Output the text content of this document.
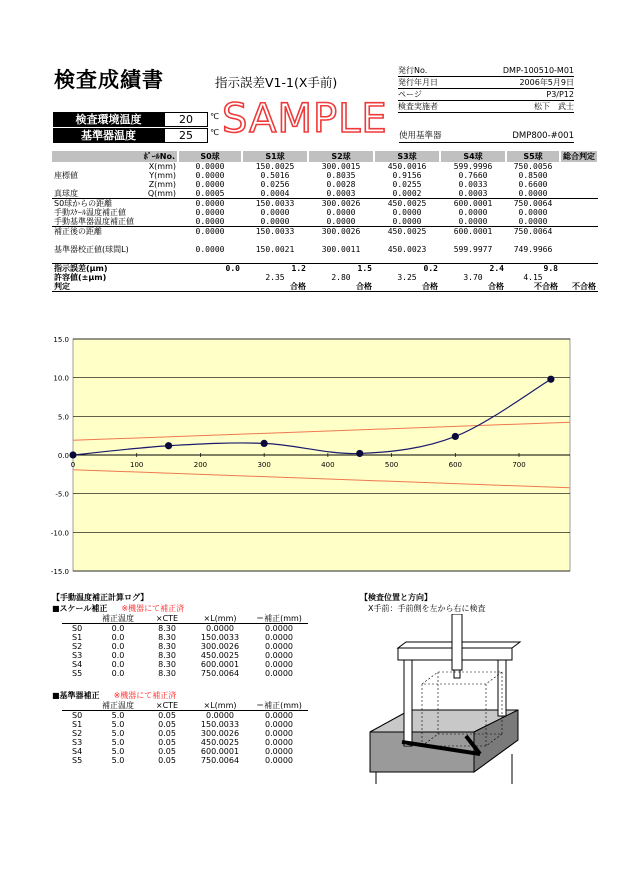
検査成績書	指示誤差V1-1(X手前)
SAMPLE
発行No.	DMP-100510-M01
発行年月日	2006年5月9日
ページ	P3/P12
検査実施者	松下　武士
検査環境温度	20	℃
基準器温度	25	℃	使用基準器	DMP800-#001
ﾎﾞｰﾙNo.		S0球	S1球	S2球	S3球	S4球	S5球	総合判定
	X(mm)	0.0000	150.0025	300.0015	450.0016	599.9996	750.0056	
座標値	Y(mm)	0.0000	0.5016	0.8035	0.9156	0.7660	0.8500	
	Z(mm)	0.0000	0.0256	0.0028	0.0255	0.0033	0.6600	
真球度	Q(mm)	0.0005	0.0004	0.0003	0.0002	0.0003	0.0000	
S0球からの距離		0.0000	150.0033	300.0026	450.0025	600.0001	750.0064	
手動ｽｹｰﾙ温度補正値		0.0000	0.0000	0.0000	0.0000	0.0000	0.0000	
手動基準器温度補正値		0.0000	0.0000	0.0000	0.0000	0.0000	0.0000	
補正後の距離		0.0000	150.0033	300.0026	450.0025	600.0001	750.0064	

基準器校正値(球間L)		0.0000	150.0021	300.0011	450.0023	599.9977	749.9966	

指示誤差(μm)		0.0	1.2	1.5	0.2	2.4	9.8	
許容値(±μm)			2.35	2.80	3.25	3.70	4.15	
判定			合格	合格	合格	合格	不合格	不合格
15.0
10.0
5.0
0.0
-5.0
-10.0
-15.0
0	100	200	300	400	500	600	700
【手動温度補正計算ログ】
■スケール補正 ※機器にて補正済
	補正温度	×CTE	×L(mm)	＝補正(mm)
S0	0.0	8.30	0.0000	0.0000
S1	0.0	8.30	150.0033	0.0000
S2	0.0	8.30	300.0026	0.0000
S3	0.0	8.30	450.0025	0.0000
S4	0.0	8.30	600.0001	0.0000
S5	0.0	8.30	750.0064	0.0000
■基準器補正 ※機器にて補正済
	補正温度	×CTE	×L(mm)	＝補正(mm)
S0	5.0	0.05	0.0000	0.0000
S1	5.0	0.05	150.0033	0.0000
S2	5.0	0.05	300.0026	0.0000
S3	5.0	0.05	450.0025	0.0000
S4	5.0	0.05	600.0001	0.0000
S5	5.0	0.05	750.0064	0.0000
【検査位置と方向】
X手前：手前側を左から右に検査
